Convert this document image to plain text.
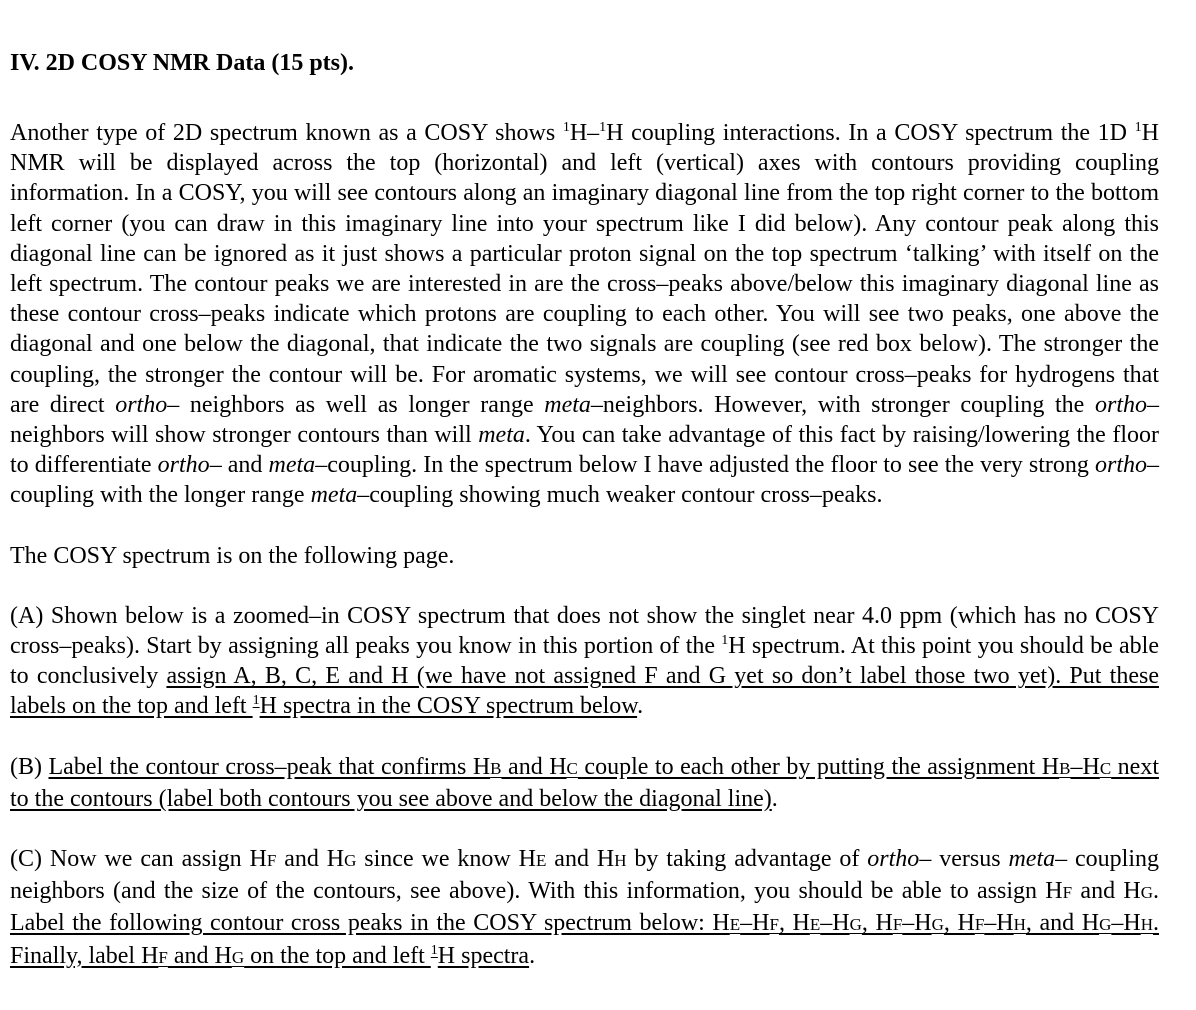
IV. 2D COSY NMR Data (15 pts).

Another type of 2D spectrum known as a COSY shows $^1$H–$^1$H coupling interactions. In a COSY spectrum the 1D $^1$H NMR will be displayed across the top (horizontal) and left (vertical) axes with contours providing coupling information. In a COSY, you will see contours along an imaginary diagonal line from the top right corner to the bottom left corner (you can draw in this imaginary line into your spectrum like I did below). Any contour peak along this diagonal line can be ignored as it just shows a particular proton signal on the top spectrum ‘talking’ with itself on the left spectrum. The contour peaks we are interested in are the cross–peaks above/below this imaginary diagonal line as these contour cross–peaks indicate which protons are coupling to each other. You will see two peaks, one above the diagonal and one below the diagonal, that indicate the two signals are coupling (see red box below). The stronger the coupling, the stronger the contour will be. For aromatic systems, we will see contour cross–peaks for hydrogens that are direct ortho– neighbors as well as longer range meta–neighbors. However, with stronger coupling the ortho–neighbors will show stronger contours than will meta. You can take advantage of this fact by raising/lowering the floor to differentiate ortho– and meta–coupling. In the spectrum below I have adjusted the floor to see the very strong ortho–coupling with the longer range meta–coupling showing much weaker contour cross–peaks.

The COSY spectrum is on the following page.

(A) Shown below is a zoomed–in COSY spectrum that does not show the singlet near 4.0 ppm (which has no COSY cross–peaks). Start by assigning all peaks you know in this portion of the $^1$H spectrum. At this point you should be able to conclusively assign A, B, C, E and H (we have not assigned F and G yet so don’t label those two yet). Put these labels on the top and left $^1$H spectra in the COSY spectrum below.

(B) Label the contour cross–peak that confirms HB and HC couple to each other by putting the assignment HB–HC next to the contours (label both contours you see above and below the diagonal line).

(C) Now we can assign HF and HG since we know HE and HH by taking advantage of ortho– versus meta– coupling neighbors (and the size of the contours, see above). With this information, you should be able to assign HF and HG. Label the following contour cross peaks in the COSY spectrum below: HE–HF, HE–HG, HF–HG, HF–HH, and HG–HH. Finally, label HF and HG on the top and left $^1$H spectra.
